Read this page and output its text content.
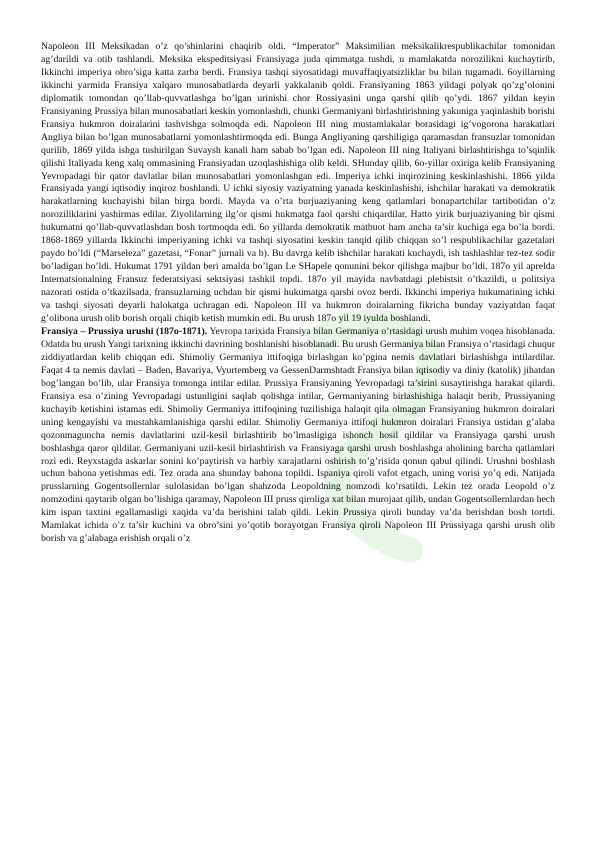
Napoleon III Meksikadan o’z qo’shinlarini chaqirib oldi. “Imperator” Maksimilian meksikalikrespublikachilar tomonidan ag’darildi va otib tashlandi. Meksika ekspeditsiyasi Fransiyaga juda qimmatga tushdi, u mamlakatda noroziliknі kuchaytirib, Ikkinchi imperiya obro’siga katta zarba berdi. Fransiya tashqi siyosatidagi muvaffaqiyatsizliklar bu bilan tugamadi. 6oyillarning ikkinchi yarmida Fransiya xalqaro munosabatlarda deyarli yakkalanib qoldi. Fransiyaning 1863 yildagi polyak qo’zg’olonini diplomatik tomondan qo’llab-quvvatlashga bo’lgan urinishi chor Rossiyasini unga qarshi qilib qo’ydi. 1867 yildan keyin Fransiyaning Prussiya bilan munosabatlari keskin yomonlashdi, chunki Germaniyani birlashtirishning yakuniga yaqinlashib borishi Fransiya hukmron doiralarini tashvishga solmoqda edi. Napoleon III ning mustamlakalar borasidagi ig’vogorona harakatlari Angliya bilan bo’lgan munosabatlarni yomonlashtirmoqda edi. Bunga Angliyaning qarshiligiga qaramasdan fransuzlar tomonidan qurilib, 1869 yilda ishga tushirilgan Suvaysh kanali ham sabab bo’lgan edi. Napoleon III ning Italiyani birlashtirishga to’sqinlik qilishi Italiyada keng xalq ommasining Fransiyadan uzoqlashishiga olib keldi. SHunday qilib, 6o-yillar oxiriga kelib Fransiyaning Yevropadagi bir qator davlatlar bilan munosabatlari yomonlashgan edi. Imperiya ichki inqirozining keskinlashishi. 1866 yilda Fransiyada yangi iqtisodiy inqiroz boshlandi. U ichki siyosiy vaziyatning yanada keskinlashishi, ishchilar harakati va demokratik harakatlarning kuchayishi bilan birga bordi. Mayda va o’rta burjuaziyaning keng qatlamlari bonapartchilar tartibotidan o’z noroziliklarini yashirmas edilar. Ziyolilarning ilg’or qismi hukmatga faol qarshi chiqardilar. Hatto yirik burjuaziyaning bir qismi hukumatni qo’llab-quvvatlashdan bosh tortmoqda edi. 6o yillarda demokratik matbuot ham ancha ta’sir kuchiga ega bo’la bordi. 1868-1869 yillarda Ikkinchi imperiyaning ichki va tashqi siyosatini keskin tanqid qilib chiqqan so’l respublikachilar gazetalari paydo bo’ldi (“Marseleza” gazetasi, “Fonar” jurnali va b). Bu davrga kelib ishchilar harakati kuchaydi, ish tashlashlar tez-tez sodir bo’ladigan bo’ldi. Hukumat 1791 yildan beri amalda bo’lgan Le SHapele qonunini bekor qilishga majbur bo’ldi. 187o yil aprelda Internatsionalning Fransuz federatsiyasi sektsiyasi tashkil topdi. 187o yil mayida navbatdagi plebistsit o’tkazildi, u politsiya nazorati ostida o’tkazilsada, fransuzlarning uchdan bir qismi hukumatga qarshi ovoz berdi. Ikkinchi imperiya hukumatining ichki va tashqi siyosati deyarli halokatga uchragan edi. Napoleon III va hukmron doiralarning fikricha bunday vaziyatdan faqat g’olibona urush olib borish orqali chiqib ketish mumkin edi. Bu urush 187o yil 19 iyulda boshlandi.

Fransiya – Prussiya urushi (187o-1871). Yevropa tarixida Fransiya bilan Germaniya o’rtasidagi urush muhim voqea hisoblanada. Odatda bu urush Yangi tarixning ikkinchi davrining boshlanishi hisoblanadi. Bu urush Germaniya bilan Fransiya o’rtasidagi chuqur ziddiyatlardan kelib chiqqan edi. Shimoliy Germaniya ittifoqiga birlashgan ko’pgina nemis davlatlari birlashishga intilardilar. Faqat 4 ta nemis davlati – Baden, Bavariya, Vyurtemberg va GessenDarmshtadt Fransiya bilan iqtisodiy va diniy (katolik) jihatdan bog’langan bo’lib, ular Fransiya tomonga intilar edilar. Prussiya Fransiyaning Yevropadagi ta’sirini susaytirishga harakat qilardi. Fransiya esa o’zining Yevropadagi ustunligini saqlab qolishga intilar, Germaniyaning birlashishiga halaqit berib, Prussiyaning kuchayib ketishini istamas edi. Shimoliy Germaniya ittifoqining tuzilishiga halaqit qila olmagan Fransiyaning hukmron doiralari uning kengayishi va mustahkamlanishiga qarshi edilar. Shimoliy Germaniya ittifoqi hukmron doiralari Fransiya ustidan g’alaba qozonmaguncha nemis davlatlarini uzil-kesil birlashtirib bo’lmasligiga ishonch hosil qildilar va Fransiyaga qarshi urush boshlashga qaror qildilar. Germaniyani uzil-kesil birlashtirish va Fransiyaga qarshi urush boshlashga aholining barcha qatlamlari rozi edi. Reyxstagda askarlar sonini ko’paytirish va harbiy xarajatlarni oshirish to’g’risida qonun qabul qilindi. Urushni boshlash uchun bahona yetishmas edi. Tez orada ana shunday bahona topildi. Ispaniya qiroli vafot etgach, uning vorisi yo’q edi. Natijada prusslarning Gogentsollernlar sulolasidan bo’lgan shahzoda Leopoldning nomzodi ko’rsatildi. Lekin tez orada Leopold o’z nomzodini qaytarib olgan bo’lishiga qaramay, Napoleon III pruss qiroliga xat bilan murojaat qilib, undan Gogentsollernlardan hech kim ispan taxtini egallamasligi xaqida va’da berishini talab qildi. Lekin Prussiya qiroli bunday va’da berishdan bosh tortdi. Mamlakat ichida o’z ta’sir kuchini va obro’sini yo’qotib borayotgan Fransiya qiroli Napoleon III Prussiyaga qarshi urush olib borish va g’alabaga erishish orqali o’z
